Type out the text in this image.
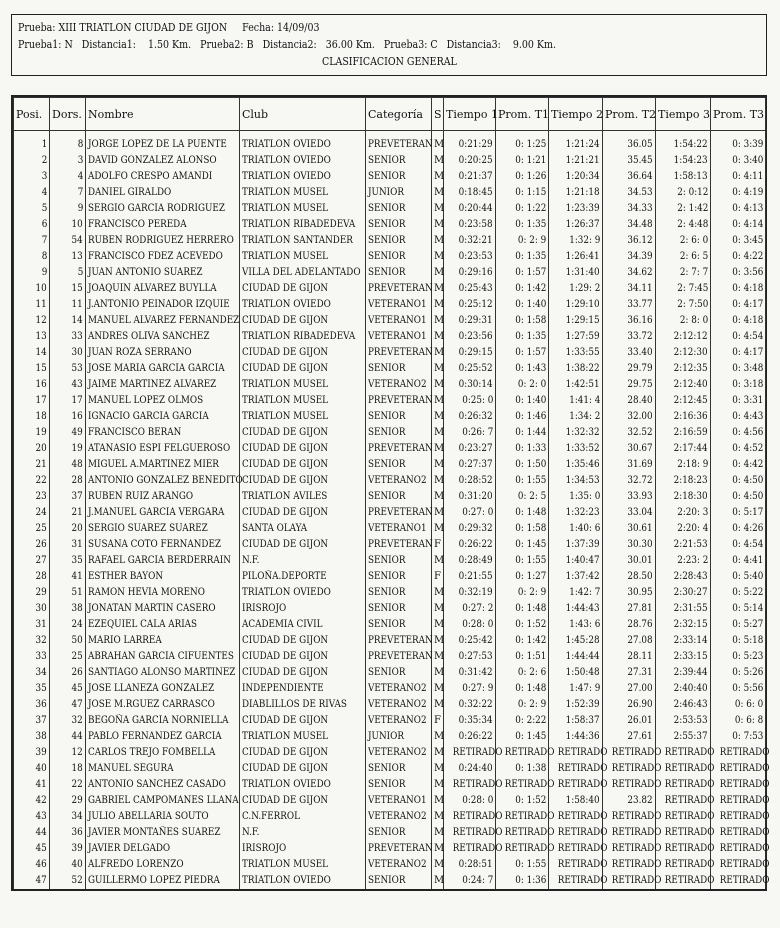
Prueba: XIII TRIATLON CIUDAD DE GIJON     Fecha: 14/09/03
Prueba1: N   Distancia1:    1.50 Km.   Prueba2: B   Distancia2:   36.00 Km.   Prueba3: C   Distancia3:    9.00 Km.
CLASIFICACION GENERAL
Posi.	Dors.	Nombre	Club	Categoría	S	Tiempo 1	Prom. T1	Tiempo 2	Prom. T2	Tiempo 3	Prom. T3
1	8	JORGE LOPEZ DE LA PUENTE	TRIATLON OVIEDO	PREVETERAN	M	0:21:29	0: 1:25	1:21:24	36.05	1:54:22	0: 3:39
2	3	DAVID GONZALEZ ALONSO	TRIATLON OVIEDO	SENIOR	M	0:20:25	0: 1:21	1:21:21	35.45	1:54:23	0: 3:40
3	4	ADOLFO CRESPO AMANDI	TRIATLON OVIEDO	SENIOR	M	0:21:37	0: 1:26	1:20:34	36.64	1:58:13	0: 4:11
4	7	DANIEL GIRALDO	TRIATLON MUSEL	JUNIOR	M	0:18:45	0: 1:15	1:21:18	34.53	2: 0:12	0: 4:19
5	9	SERGIO GARCIA RODRIGUEZ	TRIATLON MUSEL	SENIOR	M	0:20:44	0: 1:22	1:23:39	34.33	2: 1:42	0: 4:13
6	10	FRANCISCO PEREDA	TRIATLON RIBADEDEVA	SENIOR	M	0:23:58	0: 1:35	1:26:37	34.48	2: 4:48	0: 4:14
7	54	RUBEN RODRIGUEZ HERRERO	TRIATLON SANTANDER	SENIOR	M	0:32:21	0: 2: 9	1:32: 9	36.12	2: 6: 0	0: 3:45
8	13	FRANCISCO FDEZ ACEVEDO	TRIATLON MUSEL	SENIOR	M	0:23:53	0: 1:35	1:26:41	34.39	2: 6: 5	0: 4:22
9	5	JUAN ANTONIO SUAREZ	VILLA DEL ADELANTADO	SENIOR	M	0:29:16	0: 1:57	1:31:40	34.62	2: 7: 7	0: 3:56
10	15	JOAQUIN ALVAREZ BUYLLA	CIUDAD DE GIJON	PREVETERAN	M	0:25:43	0: 1:42	1:29: 2	34.11	2: 7:45	0: 4:18
11	11	J.ANTONIO PEINADOR IZQUIE	TRIATLON OVIEDO	VETERANO1	M	0:25:12	0: 1:40	1:29:10	33.77	2: 7:50	0: 4:17
12	14	MANUEL ALVAREZ FERNANDEZ	CIUDAD DE GIJON	VETERANO1	M	0:29:31	0: 1:58	1:29:15	36.16	2: 8: 0	0: 4:18
13	33	ANDRES OLIVA SANCHEZ	TRIATLON RIBADEDEVA	VETERANO1	M	0:23:56	0: 1:35	1:27:59	33.72	2:12:12	0: 4:54
14	30	JUAN ROZA SERRANO	CIUDAD DE GIJON	PREVETERAN	M	0:29:15	0: 1:57	1:33:55	33.40	2:12:30	0: 4:17
15	53	JOSE MARIA GARCIA GARCIA	CIUDAD DE GIJON	SENIOR	M	0:25:52	0: 1:43	1:38:22	29.79	2:12:35	0: 3:48
16	43	JAIME MARTINEZ ALVAREZ	TRIATLON MUSEL	VETERANO2	M	0:30:14	0: 2: 0	1:42:51	29.75	2:12:40	0: 3:18
17	17	MANUEL LOPEZ OLMOS	TRIATLON MUSEL	PREVETERAN	M	0:25: 0	0: 1:40	1:41: 4	28.40	2:12:45	0: 3:31
18	16	IGNACIO GARCIA GARCIA	TRIATLON MUSEL	SENIOR	M	0:26:32	0: 1:46	1:34: 2	32.00	2:16:36	0: 4:43
19	49	FRANCISCO BERAN	CIUDAD DE GIJON	SENIOR	M	0:26: 7	0: 1:44	1:32:32	32.52	2:16:59	0: 4:56
20	19	ATANASIO ESPI FELGUEROSO	CIUDAD DE GIJON	PREVETERAN	M	0:23:27	0: 1:33	1:33:52	30.67	2:17:44	0: 4:52
21	48	MIGUEL A.MARTINEZ MIER	CIUDAD DE GIJON	SENIOR	M	0:27:37	0: 1:50	1:35:46	31.69	2:18: 9	0: 4:42
22	28	ANTONIO GONZALEZ BENEDITO	CIUDAD DE GIJON	VETERANO2	M	0:28:52	0: 1:55	1:34:53	32.72	2:18:23	0: 4:50
23	37	RUBEN RUIZ ARANGO	TRIATLON AVILES	SENIOR	M	0:31:20	0: 2: 5	1:35: 0	33.93	2:18:30	0: 4:50
24	21	J.MANUEL GARCIA VERGARA	CIUDAD DE GIJON	PREVETERAN	M	0:27: 0	0: 1:48	1:32:23	33.04	2:20: 3	0: 5:17
25	20	SERGIO SUAREZ SUAREZ	SANTA OLAYA	VETERANO1	M	0:29:32	0: 1:58	1:40: 6	30.61	2:20: 4	0: 4:26
26	31	SUSANA COTO FERNANDEZ	CIUDAD DE GIJON	PREVETERAN	F	0:26:22	0: 1:45	1:37:39	30.30	2:21:53	0: 4:54
27	35	RAFAEL GARCIA BERDERRAIN	N.F.	SENIOR	M	0:28:49	0: 1:55	1:40:47	30.01	2:23: 2	0: 4:41
28	41	ESTHER BAYON	PILOÑA.DEPORTE	SENIOR	F	0:21:55	0: 1:27	1:37:42	28.50	2:28:43	0: 5:40
29	51	RAMON HEVIA MORENO	TRIATLON OVIEDO	SENIOR	M	0:32:19	0: 2: 9	1:42: 7	30.95	2:30:27	0: 5:22
30	38	JONATAN MARTIN CASERO	IRISROJO	SENIOR	M	0:27: 2	0: 1:48	1:44:43	27.81	2:31:55	0: 5:14
31	24	EZEQUIEL CALA ARIAS	ACADEMIA CIVIL	SENIOR	M	0:28: 0	0: 1:52	1:43: 6	28.76	2:32:15	0: 5:27
32	50	MARIO LARREA	CIUDAD DE GIJON	PREVETERAN	M	0:25:42	0: 1:42	1:45:28	27.08	2:33:14	0: 5:18
33	25	ABRAHAN GARCIA CIFUENTES	CIUDAD DE GIJON	PREVETERAN	M	0:27:53	0: 1:51	1:44:44	28.11	2:33:15	0: 5:23
34	26	SANTIAGO ALONSO MARTINEZ	CIUDAD DE GIJON	SENIOR	M	0:31:42	0: 2: 6	1:50:48	27.31	2:39:44	0: 5:26
35	45	JOSE LLANEZA GONZALEZ	INDEPENDIENTE	VETERANO2	M	0:27: 9	0: 1:48	1:47: 9	27.00	2:40:40	0: 5:56
36	47	JOSE M.RGUEZ CARRASCO	DIABLILLOS DE RIVAS	VETERANO2	M	0:32:22	0: 2: 9	1:52:39	26.90	2:46:43	0: 6: 0
37	32	BEGOÑA GARCIA NORNIELLA	CIUDAD DE GIJON	VETERANO2	F	0:35:34	0: 2:22	1:58:37	26.01	2:53:53	0: 6: 8
38	44	PABLO FERNANDEZ GARCIA	TRIATLON MUSEL	JUNIOR	M	0:26:22	0: 1:45	1:44:36	27.61	2:55:37	0: 7:53
39	12	CARLOS TREJO FOMBELLA	CIUDAD DE GIJON	VETERANO2	M	RETIRADO	RETIRADO	RETIRADO	RETIRADO	RETIRADO	RETIRADO
40	18	MANUEL SEGURA	CIUDAD DE GIJON	SENIOR	M	0:24:40	0: 1:38	RETIRADO	RETIRADO	RETIRADO	RETIRADO
41	22	ANTONIO SANCHEZ CASADO	TRIATLON OVIEDO	SENIOR	M	RETIRADO	RETIRADO	RETIRADO	RETIRADO	RETIRADO	RETIRADO
42	29	GABRIEL CAMPOMANES LLANA	CIUDAD DE GIJON	VETERANO1	M	0:28: 0	0: 1:52	1:58:40	23.82	RETIRADO	RETIRADO
43	34	JULIO ABELLARIA SOUTO	C.N.FERROL	VETERANO2	M	RETIRADO	RETIRADO	RETIRADO	RETIRADO	RETIRADO	RETIRADO
44	36	JAVIER MONTAÑES SUAREZ	N.F.	SENIOR	M	RETIRADO	RETIRADO	RETIRADO	RETIRADO	RETIRADO	RETIRADO
45	39	JAVIER DELGADO	IRISROJO	PREVETERAN	M	RETIRADO	RETIRADO	RETIRADO	RETIRADO	RETIRADO	RETIRADO
46	40	ALFREDO LORENZO	TRIATLON MUSEL	VETERANO2	M	0:28:51	0: 1:55	RETIRADO	RETIRADO	RETIRADO	RETIRADO
47	52	GUILLERMO LOPEZ PIEDRA	TRIATLON OVIEDO	SENIOR	M	0:24: 7	0: 1:36	RETIRADO	RETIRADO	RETIRADO	RETIRADO
